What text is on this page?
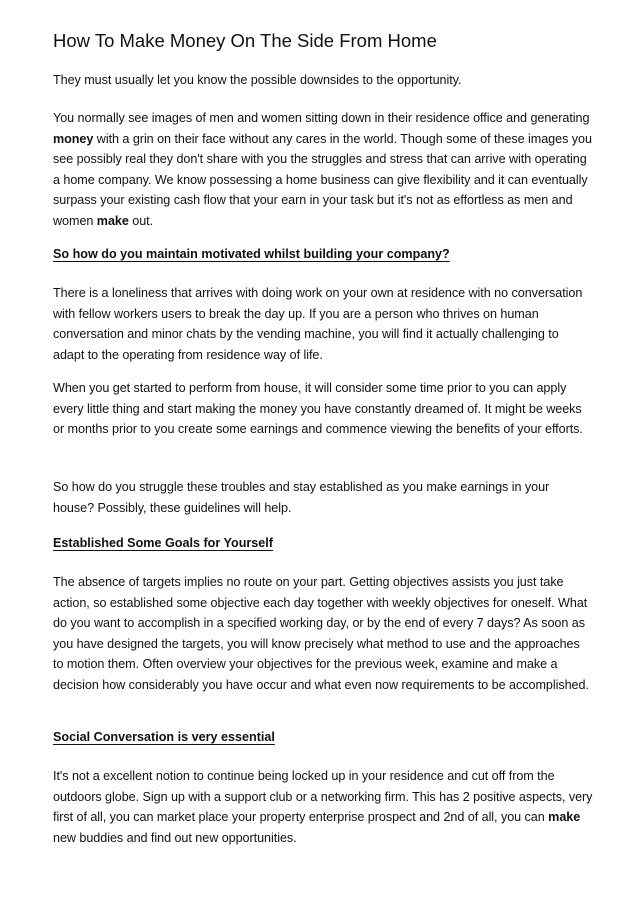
How To Make Money On The Side From Home

They must usually let you know the possible downsides to the opportunity.

You normally see images of men and women sitting down in their residence office and generating money with a grin on their face without any cares in the world. Though some of these images you see possibly real they don't share with you the struggles and stress that can arrive with operating a home company. We know possessing a home business can give flexibility and it can eventually surpass your existing cash flow that your earn in your task but it's not as effortless as men and women make out.

So how do you maintain motivated whilst building your company?

There is a loneliness that arrives with doing work on your own at residence with no conversation with fellow workers users to break the day up. If you are a person who thrives on human conversation and minor chats by the vending machine, you will find it actually challenging to adapt to the operating from residence way of life.

When you get started to perform from house, it will consider some time prior to you can apply every little thing and start making the money you have constantly dreamed of. It might be weeks or months prior to you create some earnings and commence viewing the benefits of your efforts.

So how do you struggle these troubles and stay established as you make earnings in your house? Possibly, these guidelines will help.

Established Some Goals for Yourself

The absence of targets implies no route on your part. Getting objectives assists you just take action, so established some objective each day together with weekly objectives for oneself. What do you want to accomplish in a specified working day, or by the end of every 7 days? As soon as you have designed the targets, you will know precisely what method to use and the approaches to motion them. Often overview your objectives for the previous week, examine and make a decision how considerably you have occur and what even now requirements to be accomplished.

Social Conversation is very essential

It's not a excellent notion to continue being locked up in your residence and cut off from the outdoors globe. Sign up with a support club or a networking firm. This has 2 positive aspects, very first of all, you can market place your property enterprise prospect and 2nd of all, you can make new buddies and find out new opportunities.
